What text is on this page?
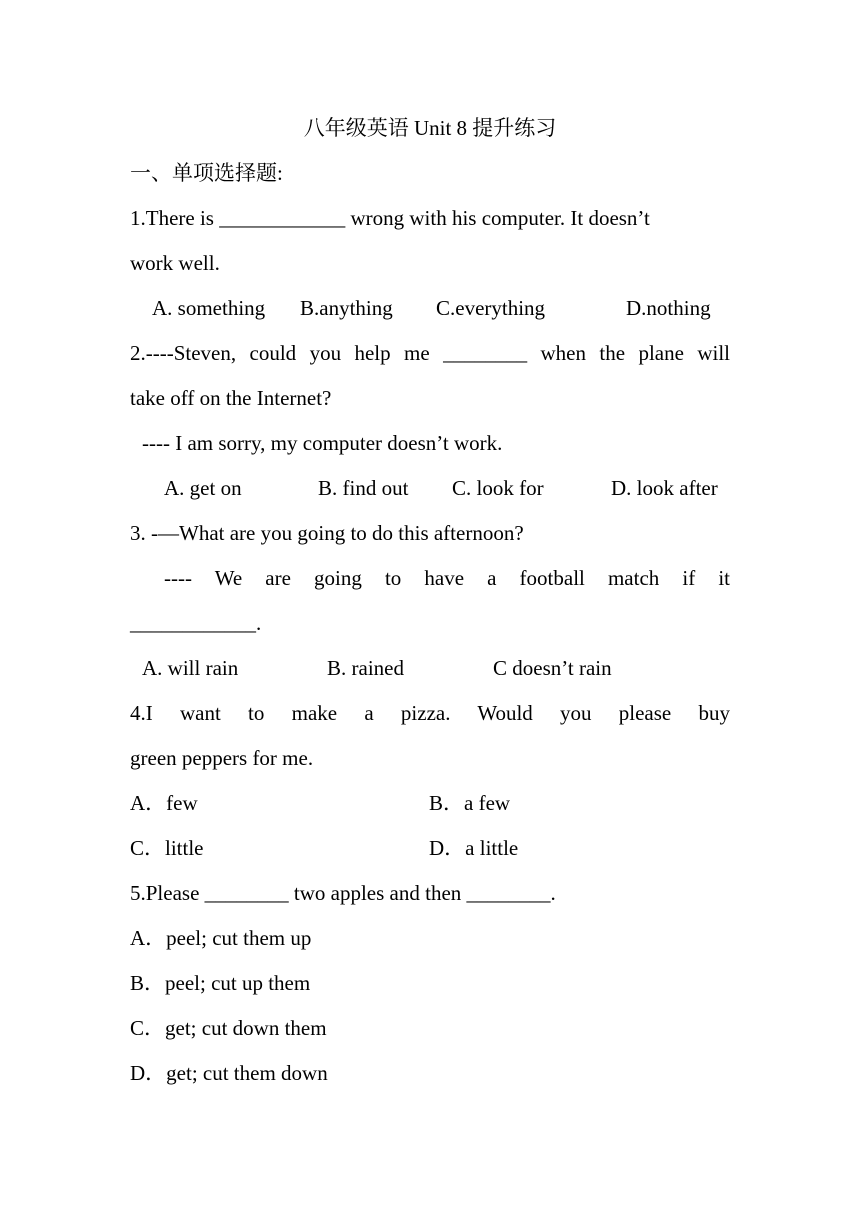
八年级英语 Unit 8 提升练习
一、单项选择题:
1.There is ____________ wrong with his computer. It doesn’t
work well.
A. something B.anything C.everything	D.nothing
2.----Steven, could you help me ________ when the plane will
take off on the Internet?
---- I am sorry, my computer doesn’t work.
A. get on	B. find out C. look for	D. look after
3. -––What are you going to do this afternoon?
---- We are going to have a football match if it
____________.
A. will rain	B. rained	C doesn’t rain
4.I want to make a pizza. Would you please buy
green peppers for me.
A．few	B．a few
C．little	D．a little
5.Please ________ two apples and then ________.
A．peel; cut them up
B．peel; cut up them
C．get; cut down them
D．get; cut them down
